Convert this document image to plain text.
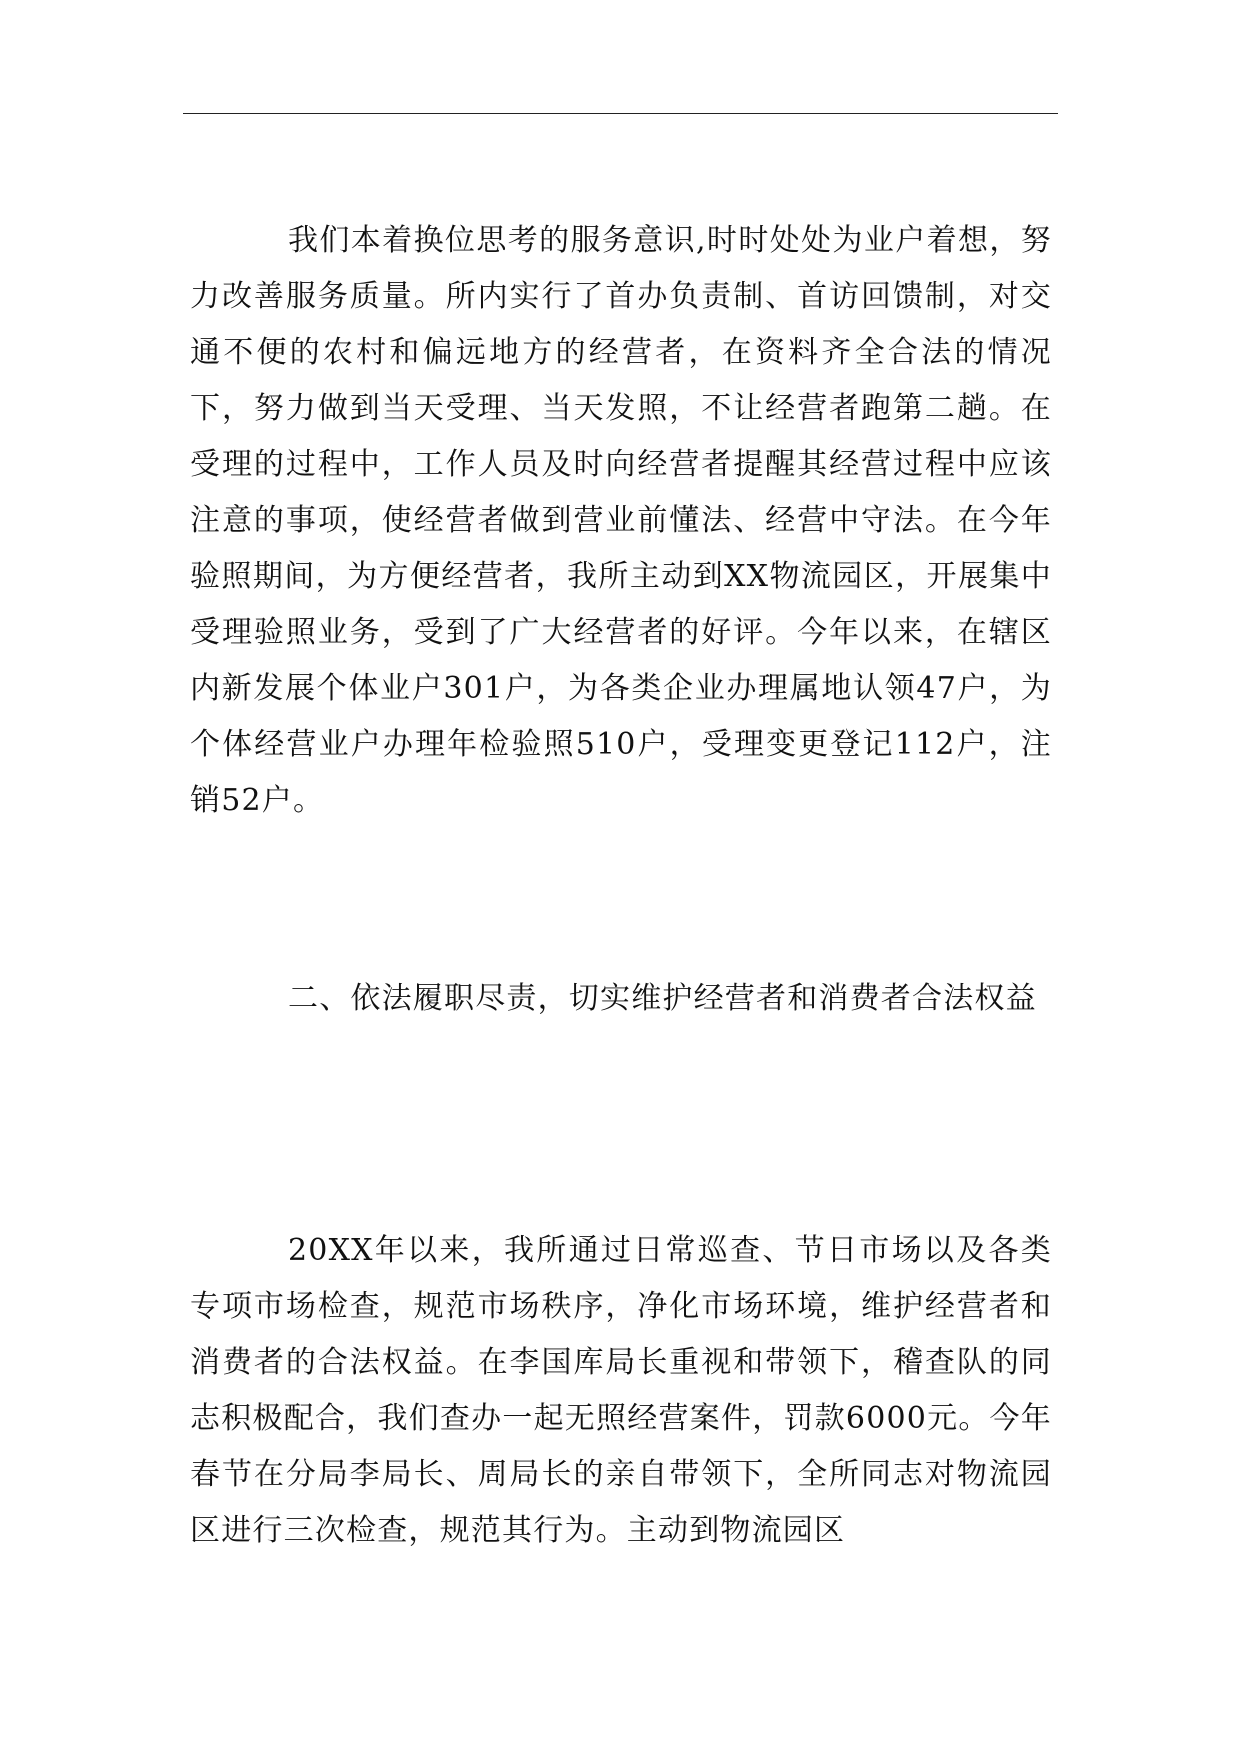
我们本着换位思考的服务意识,时时处处为业户着想，努力改善服务质量。所内实行了首办负责制、首访回馈制，对交通不便的农村和偏远地方的经营者，在资料齐全合法的情况下，努力做到当天受理、当天发照，不让经营者跑第二趟。在受理的过程中，工作人员及时向经营者提醒其经营过程中应该注意的事项，使经营者做到营业前懂法、经营中守法。在今年验照期间，为方便经营者，我所主动到XX物流园区，开展集中受理验照业务，受到了广大经营者的好评。今年以来，在辖区内新发展个体业户301户，为各类企业办理属地认领47户，为个体经营业户办理年检验照510户，受理变更登记112户，注销52户。

二、依法履职尽责，切实维护经营者和消费者合法权益

20XX年以来，我所通过日常巡查、节日市场以及各类专项市场检查，规范市场秩序，净化市场环境，维护经营者和消费者的合法权益。在李国库局长重视和带领下，稽查队的同志积极配合，我们查办一起无照经营案件，罚款6000元。今年春节在分局李局长、周局长的亲自带领下，全所同志对物流园区进行三次检查，规范其行为。主动到物流园区
